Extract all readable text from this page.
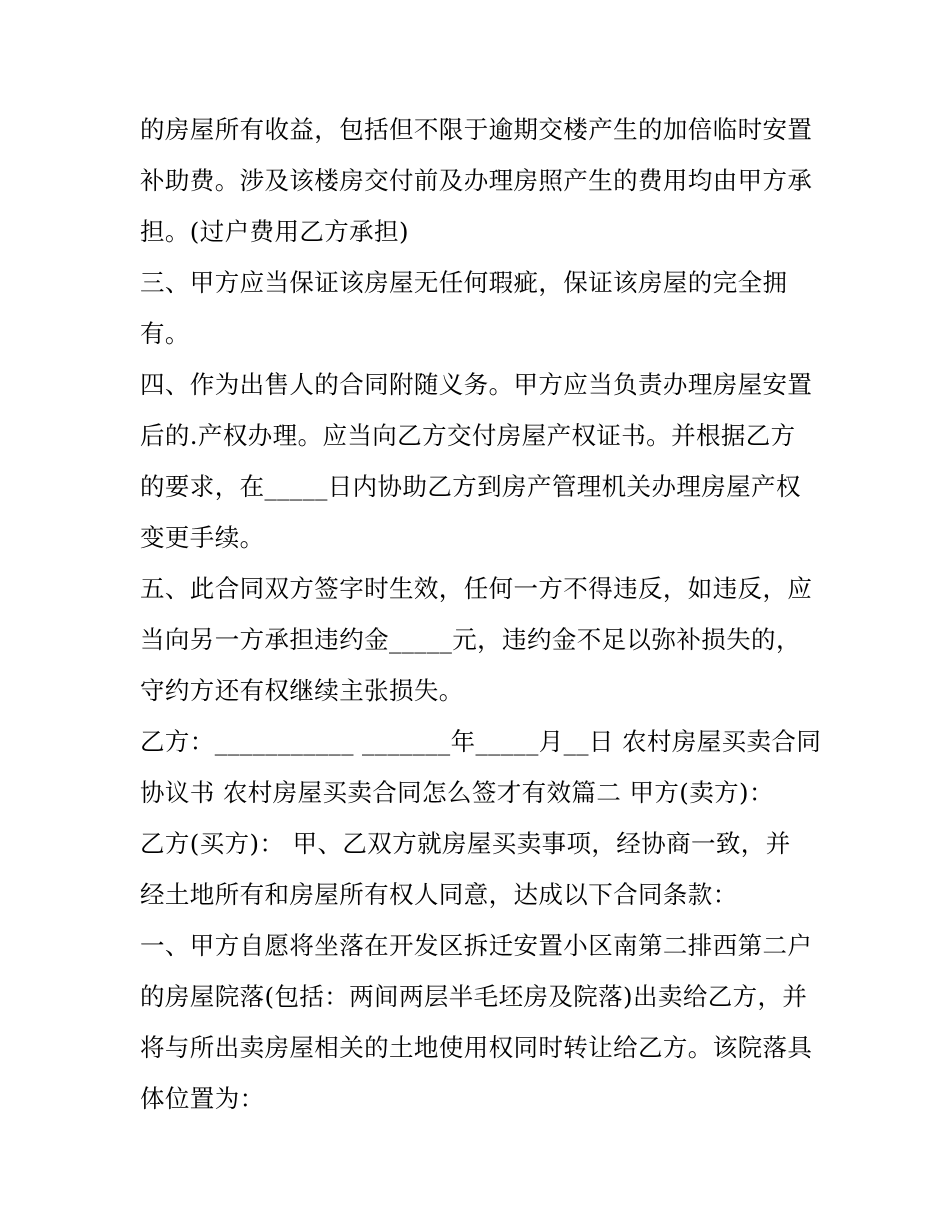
的房屋所有收益，包括但不限于逾期交楼产生的加倍临时安置
补助费。涉及该楼房交付前及办理房照产生的费用均由甲方承
担。(过户费用乙方承担)
三、甲方应当保证该房屋无任何瑕疵，保证该房屋的完全拥
有。
四、作为出售人的合同附随义务。甲方应当负责办理房屋安置
后的.产权办理。应当向乙方交付房屋产权证书。并根据乙方
的要求，在_____日内协助乙方到房产管理机关办理房屋产权
变更手续。
五、此合同双方签字时生效，任何一方不得违反，如违反，应
当向另一方承担违约金_____元，违约金不足以弥补损失的，
守约方还有权继续主张损失。
乙方：___________ _______年_____月__日 农村房屋买卖合同
协议书 农村房屋买卖合同怎么签才有效篇二 甲方(卖方)：
乙方(买方)： 甲、乙双方就房屋买卖事项，经协商一致，并
经土地所有和房屋所有权人同意，达成以下合同条款：
一、甲方自愿将坐落在开发区拆迁安置小区南第二排西第二户
的房屋院落(包括：两间两层半毛坯房及院落)出卖给乙方，并
将与所出卖房屋相关的土地使用权同时转让给乙方。该院落具
体位置为：
